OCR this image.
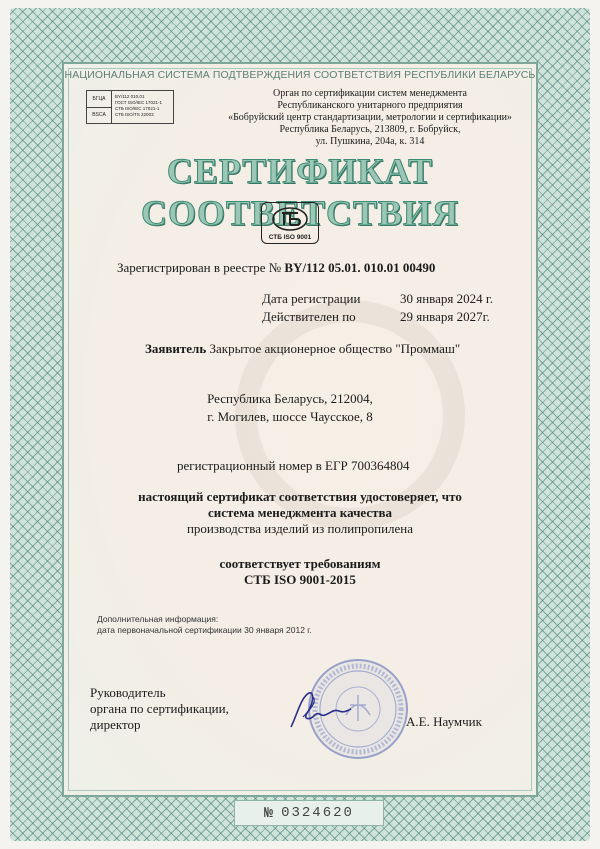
НАЦИОНАЛЬНАЯ СИСТЕМА ПОДТВЕРЖДЕНИЯ СООТВЕТСТВИЯ РЕСПУБЛИКИ БЕЛАРУСЬ
БГЦА
BSCA
BY/112 010.01
ГОСТ ISO/IEC 17021-1
СТБ ISO/IEC 17021-1
СТБ ISO/TS 22003
Орган по сертификации систем менеджмента
Республиканского унитарного предприятия
«Бобруйский центр стандартизации, метрологии и сертификации»
Республика Беларусь, 213809, г. Бобруйск,
ул. Пушкина, 204а, к. 314
СЕРТИФИКАТ СООТВЕТСТВИЯ
СТБ ISO 9001
Зарегистрирован в реестре № BY/112 05.01. 010.01 00490
Дата регистрации	30 января 2024 г.
Действителен по	29 января 2027г.
Заявитель Закрытое акционерное общество "Проммаш"
Республика Беларусь, 212004,
г. Могилев, шоссе Чаусское, 8
регистрационный номер в ЕГР 700364804
настоящий сертификат соответствия удостоверяет, что
система менеджмента качества
производства изделий из полипропилена
соответствует требованиям
СТБ ISO 9001-2015
Дополнительная информация:
дата первоначальной сертификации 30 января 2012 г.
Руководитель
органа по сертификации,
директор	А.Е. Наумчик
№ 0324620
